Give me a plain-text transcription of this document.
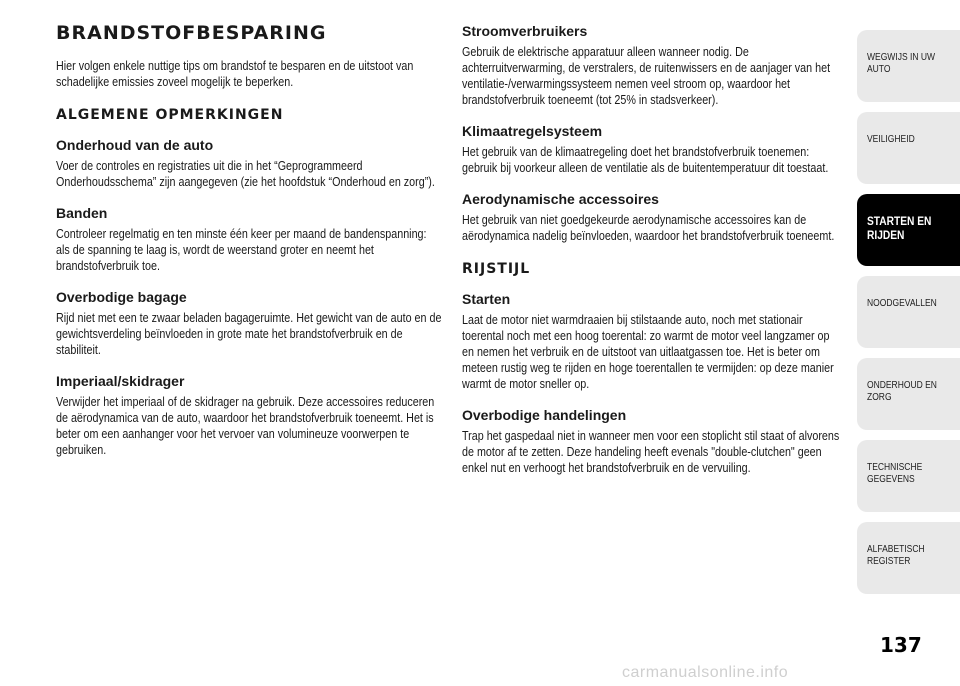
BRANDSTOFBESPARING

Hier volgen enkele nuttige tips om brandstof te besparen en de uitstoot van schadelijke emissies zoveel mogelijk te beperken.

ALGEMENE OPMERKINGEN
Onderhoud van de auto

Voer de controles en registraties uit die in het “Geprogrammeerd Onderhoudsschema” zijn aangegeven (zie het hoofdstuk “Onderhoud en zorg”).

Banden

Controleer regelmatig en ten minste één keer per maand de bandenspanning: als de spanning te laag is, wordt de weerstand groter en neemt het brandstofverbruik toe.

Overbodige bagage

Rijd niet met een te zwaar beladen bagageruimte. Het gewicht van de auto en de gewichtsverdeling beïnvloeden in grote mate het brandstofverbruik en de stabiliteit.

Imperiaal/skidrager

Verwijder het imperiaal of de skidrager na gebruik. Deze accessoires reduceren de aërodynamica van de auto, waardoor het brandstofverbruik toeneemt. Het is beter om een aanhanger voor het vervoer van volumineuze voorwerpen te gebruiken.

Stroomverbruikers

Gebruik de elektrische apparatuur alleen wanneer nodig. De achterruitverwarming, de verstralers, de ruitenwissers en de aanjager van het ventilatie-/verwarmingssysteem nemen veel stroom op, waardoor het brandstofverbruik toeneemt (tot 25% in stadsverkeer).

Klimaatregelsysteem

Het gebruik van de klimaatregeling doet het brandstofverbruik toenemen: gebruik bij voorkeur alleen de ventilatie als de buitentemperatuur dit toestaat.

Aerodynamische accessoires

Het gebruik van niet goedgekeurde aerodynamische accessoires kan de aërodynamica nadelig beïnvloeden, waardoor het brandstofverbruik toeneemt.

RIJSTIJL
Starten

Laat de motor niet warmdraaien bij stilstaande auto, noch met stationair toerental noch met een hoog toerental: zo warmt de motor veel langzamer op en nemen het verbruik en de uitstoot van uitlaatgassen toe. Het is beter om meteen rustig weg te rijden en hoge toerentallen te vermijden: op deze manier warmt de motor sneller op.

Overbodige handelingen

Trap het gaspedaal niet in wanneer men voor een stoplicht stil staat of alvorens de motor af te zetten. Deze handeling heeft evenals "double-clutchen" geen enkel nut en verhoogt het brandstofverbruik en de vervuiling.

WEGWIJS IN UW AUTO
VEILIGHEID
STARTEN EN RIJDEN
NOODGEVALLEN
ONDERHOUD EN ZORG
TECHNISCHE GEGEVENS
ALFABETISCH REGISTER
137
carmanualsonline.info
